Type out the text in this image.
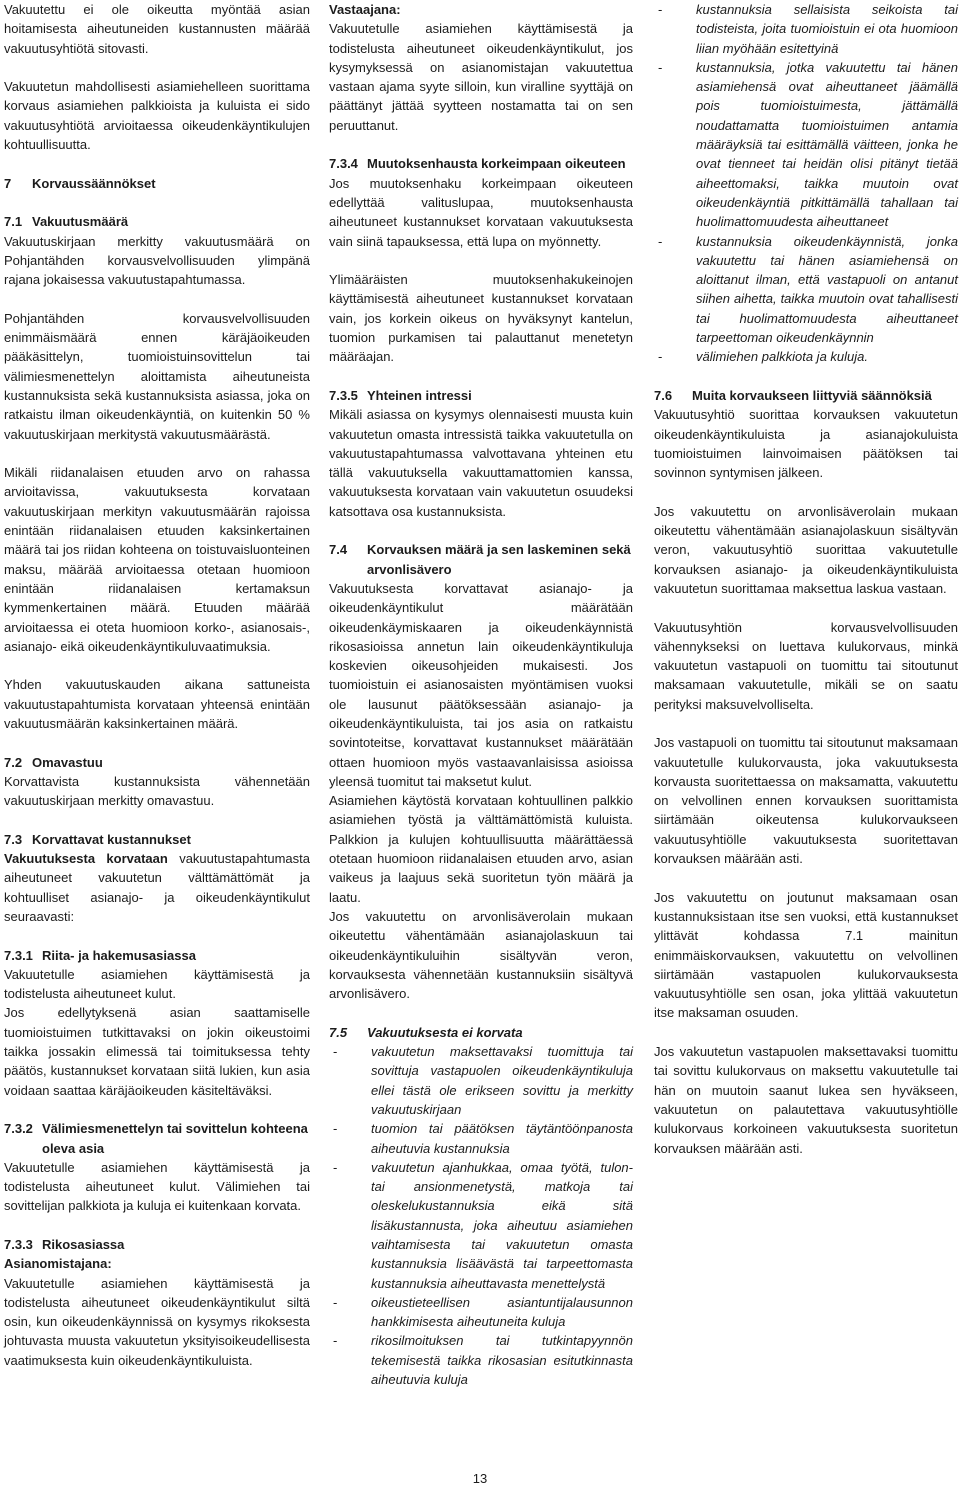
Vakuutettu ei ole oikeutta myöntää asian hoitamisesta aiheutuneiden kustannusten määrää vakuutusyhtiötä sitovasti.

Vakuutetun mahdollisesti asiamiehelleen suorittama korvaus asiamiehen palkkioista ja kuluista ei sido vakuutusyhtiötä arvioitaessa oikeudenkäyntikulujen kohtuullisuutta.

7 Korvaussäännökset
7.1 Vakuutusmäärä

Vakuutuskirjaan merkitty vakuutusmäärä on Pohjantähden korvausvelvollisuuden ylimpänä rajana jokaisessa vakuutustapahtumassa.

Pohjantähden korvausvelvollisuuden enimmäismäärä ennen käräjäoikeuden pääkäsittelyn, tuomioistuinsovittelun tai välimiesmenettelyn aloittamista aiheutuneista kustannuksista sekä kustannuksista asiassa, joka on ratkaistu ilman oikeudenkäyntiä, on kuitenkin 50 % vakuutuskirjaan merkitystä vakuutusmäärästä.

Mikäli riidanalaisen etuuden arvo on rahassa arvioitavissa, vakuutuksesta korvataan vakuutuskirjaan merkityn vakuutusmäärän rajoissa enintään riidanalaisen etuuden kaksinkertainen määrä tai jos riidan kohteena on toistuvaisluonteinen maksu, määrää arvioitaessa otetaan huomioon enintään riidanalaisen kertamaksun kymmenkertainen määrä. Etuuden määrää arvioitaessa ei oteta huomioon korko-, asianosais-, asianajo- eikä oikeudenkäyntikuluvaatimuksia.

Yhden vakuutuskauden aikana sattuneista vakuutustapahtumista korvataan yhteensä enintään vakuutusmäärän kaksinkertainen määrä.

7.2 Omavastuu

Korvattavista kustannuksista vähennetään vakuutuskirjaan merkitty omavastuu.

7.3 Korvattavat kustannukset

Vakuutuksesta korvataan vakuutustapahtumasta aiheutuneet vakuutetun välttämättömät ja kohtuulliset asianajo- ja oikeudenkäyntikulut seuraavasti:

7.3.1 Riita- ja hakemusasiassa

Vakuutetulle asiamiehen käyttämisestä ja todistelusta aiheutuneet kulut.

Jos edellytyksenä asian saattamiselle tuomioistuimen tutkittavaksi on jokin oikeustoimi taikka jossakin elimessä tai toimituksessa tehty päätös, kustannukset korvataan siitä lukien, kun asia voidaan saattaa käräjäoikeuden käsiteltäväksi.

7.3.2 Välimiesmenettelyn tai sovittelun kohteena oleva asia

Vakuutetulle asiamiehen käyttämisestä ja todistelusta aiheutuneet kulut. Välimiehen tai sovittelijan palkkiota ja kuluja ei kuitenkaan korvata.

7.3.3 Rikosasiassa
Asianomistajana:

Vakuutetulle asiamiehen käyttämisestä ja todistelusta aiheutuneet oikeudenkäyntikulut siltä osin, kun oikeudenkäynnissä on kysymys rikoksesta johtuvasta muusta vakuutetun yksityisoikeudellisesta vaatimuksesta kuin oikeudenkäyntikuluista.

Vastaajana:

Vakuutetulle asiamiehen käyttämisestä ja todistelusta aiheutuneet oikeudenkäyntikulut, jos kysymyksessä on asianomistajan vakuutettua vastaan ajama syyte silloin, kun viralline syyttäjä on päättänyt jättää syytteen nostamatta tai on sen peruuttanut.

7.3.4 Muutoksenhausta korkeimpaan oikeuteen

Jos muutoksenhaku korkeimpaan oikeuteen edellyttää valituslupaa, muutoksenhausta aiheutuneet kustannukset korvataan vakuutuksesta vain siinä tapauksessa, että lupa on myönnetty.

Ylimääräisten muutoksenhakukeinojen käyttämisestä aiheutuneet kustannukset korvataan vain, jos korkein oikeus on hyväksynyt kantelun, tuomion purkamisen tai palauttanut menetetyn määräajan.

7.3.5 Yhteinen intressi

Mikäli asiassa on kysymys olennaisesti muusta kuin vakuutetun omasta intressistä taikka vakuutetulla on vakuutustapahtumassa valvottavana yhteinen etu tällä vakuutuksella vakuuttamattomien kanssa, vakuutuksesta korvataan vain vakuutetun osuudeksi katsottava osa kustannuksista.

7.4 Korvauksen määrä ja sen laskeminen sekä arvonlisävero

Vakuutuksesta korvattavat asianajo- ja oikeudenkäyntikulut määrätään oikeudenkäymiskaaren ja oikeudenkäynnistä rikosasioissa annetun lain oikeudenkäyntikuluja koskevien oikeusohjeiden mukaisesti. Jos tuomioistuin ei asianosaisten myöntämisen vuoksi ole lausunut päätöksessään asianajo- ja oikeudenkäyntikuluista, tai jos asia on ratkaistu sovintoteitse, korvattavat kustannukset määrätään ottaen huomioon myös vastaavanlaisissa asioissa yleensä tuomitut tai maksetut kulut.

Asiamiehen käytöstä korvataan kohtuullinen palkkio asiamiehen työstä ja välttämättömistä kuluista. Palkkion ja kulujen kohtuullisuutta määrättäessä otetaan huomioon riidanalaisen etuuden arvo, asian vaikeus ja laajuus sekä suoritetun työn määrä ja laatu.

Jos vakuutettu on arvonlisäverolain mukaan oikeutettu vähentämään asianajolaskuun tai oikeudenkäyntikuluihin sisältyvän veron, korvauksesta vähennetään kustannuksiin sisältyvä arvonlisävero.

7.5 Vakuutuksesta ei korvata
- vakuutetun maksettavaksi tuomittuja tai sovittuja vastapuolen oikeudenkäyntikuluja ellei tästä ole erikseen sovittu ja merkitty vakuutuskirjaan
- tuomion tai päätöksen täytäntöönpanosta aiheutuvia kustannuksia
- vakuutetun ajanhukkaa, omaa työtä, tulon- tai ansionmenetystä, matkoja tai oleskelukustannuksia eikä sitä lisäkustannusta, joka aiheutuu asiamiehen vaihtamisesta tai vakuutetun omasta kustannuksia lisäävästä tai tarpeettomasta kustannuksia aiheuttavasta menettelystä
- oikeustieteellisen asiantuntijalausunnon hankkimisesta aiheutuneita kuluja
- rikosilmoituksen tai tutkintapyynnön tekemisestä taikka rikosasian esitutkinnasta aiheutuvia kuluja
- kustannuksia sellaisista seikoista tai todisteista, joita tuomioistuin ei ota huomioon liian myöhään esitettyinä
- kustannuksia, jotka vakuutettu tai hänen asiamiehensä ovat aiheuttaneet jäämällä pois tuomioistuimesta, jättämällä noudattamatta tuomioistuimen antamia määräyksiä tai esittämällä väitteen, jonka he ovat tienneet tai heidän olisi pitänyt tietää aiheettomaksi, taikka muutoin ovat oikeudenkäyntiä pitkittämällä tahallaan tai huolimattomuudesta aiheuttaneet
- kustannuksia oikeudenkäynnistä, jonka vakuutettu tai hänen asiamiehensä on aloittanut ilman, että vastapuoli on antanut siihen aihetta, taikka muutoin ovat tahallisesti tai huolimattomuudesta aiheuttaneet tarpeettoman oikeudenkäynnin
- välimiehen palkkiota ja kuluja.
7.6 Muita korvaukseen liittyviä säännöksiä

Vakuutusyhtiö suorittaa korvauksen vakuutetun oikeudenkäyntikuluista ja asianajokuluista tuomioistuimen lainvoimaisen päätöksen tai sovinnon syntymisen jälkeen.

Jos vakuutettu on arvonlisäverolain mukaan oikeutettu vähentämään asianajolaskuun sisältyvän veron, vakuutusyhtiö suorittaa vakuutetulle korvauksen asianajo- ja oikeudenkäyntikuluista vakuutetun suorittamaa maksettua laskua vastaan.

Vakuutusyhtiön korvausvelvollisuuden vähennykseksi on luettava kulukorvaus, minkä vakuutetun vastapuoli on tuomittu tai sitoutunut maksamaan vakuutetulle, mikäli se on saatu perityksi maksuvelvolliselta.

Jos vastapuoli on tuomittu tai sitoutunut maksamaan vakuutetulle kulukorvausta, joka vakuutuksesta korvausta suoritettaessa on maksamatta, vakuutettu on velvollinen ennen korvauksen suorittamista siirtämään oikeutensa kulukorvaukseen vakuutusyhtiölle vakuutuksesta suoritettavan korvauksen määrään asti.

Jos vakuutettu on joutunut maksamaan osan kustannuksistaan itse sen vuoksi, että kustannukset ylittävät kohdassa 7.1 mainitun enimmäiskorvauksen, vakuutettu on velvollinen siirtämään vastapuolen kulukorvauksesta vakuutusyhtiölle sen osan, joka ylittää vakuutetun itse maksaman osuuden.

Jos vakuutetun vastapuolen maksettavaksi tuomittu tai sovittu kulukorvaus on maksettu vakuutetulle tai hän on muutoin saanut lukea sen hyväkseen, vakuutetun on palautettava vakuutusyhtiölle kulukorvaus korkoineen vakuutuksesta suoritetun korvauksen määrään asti.

13
